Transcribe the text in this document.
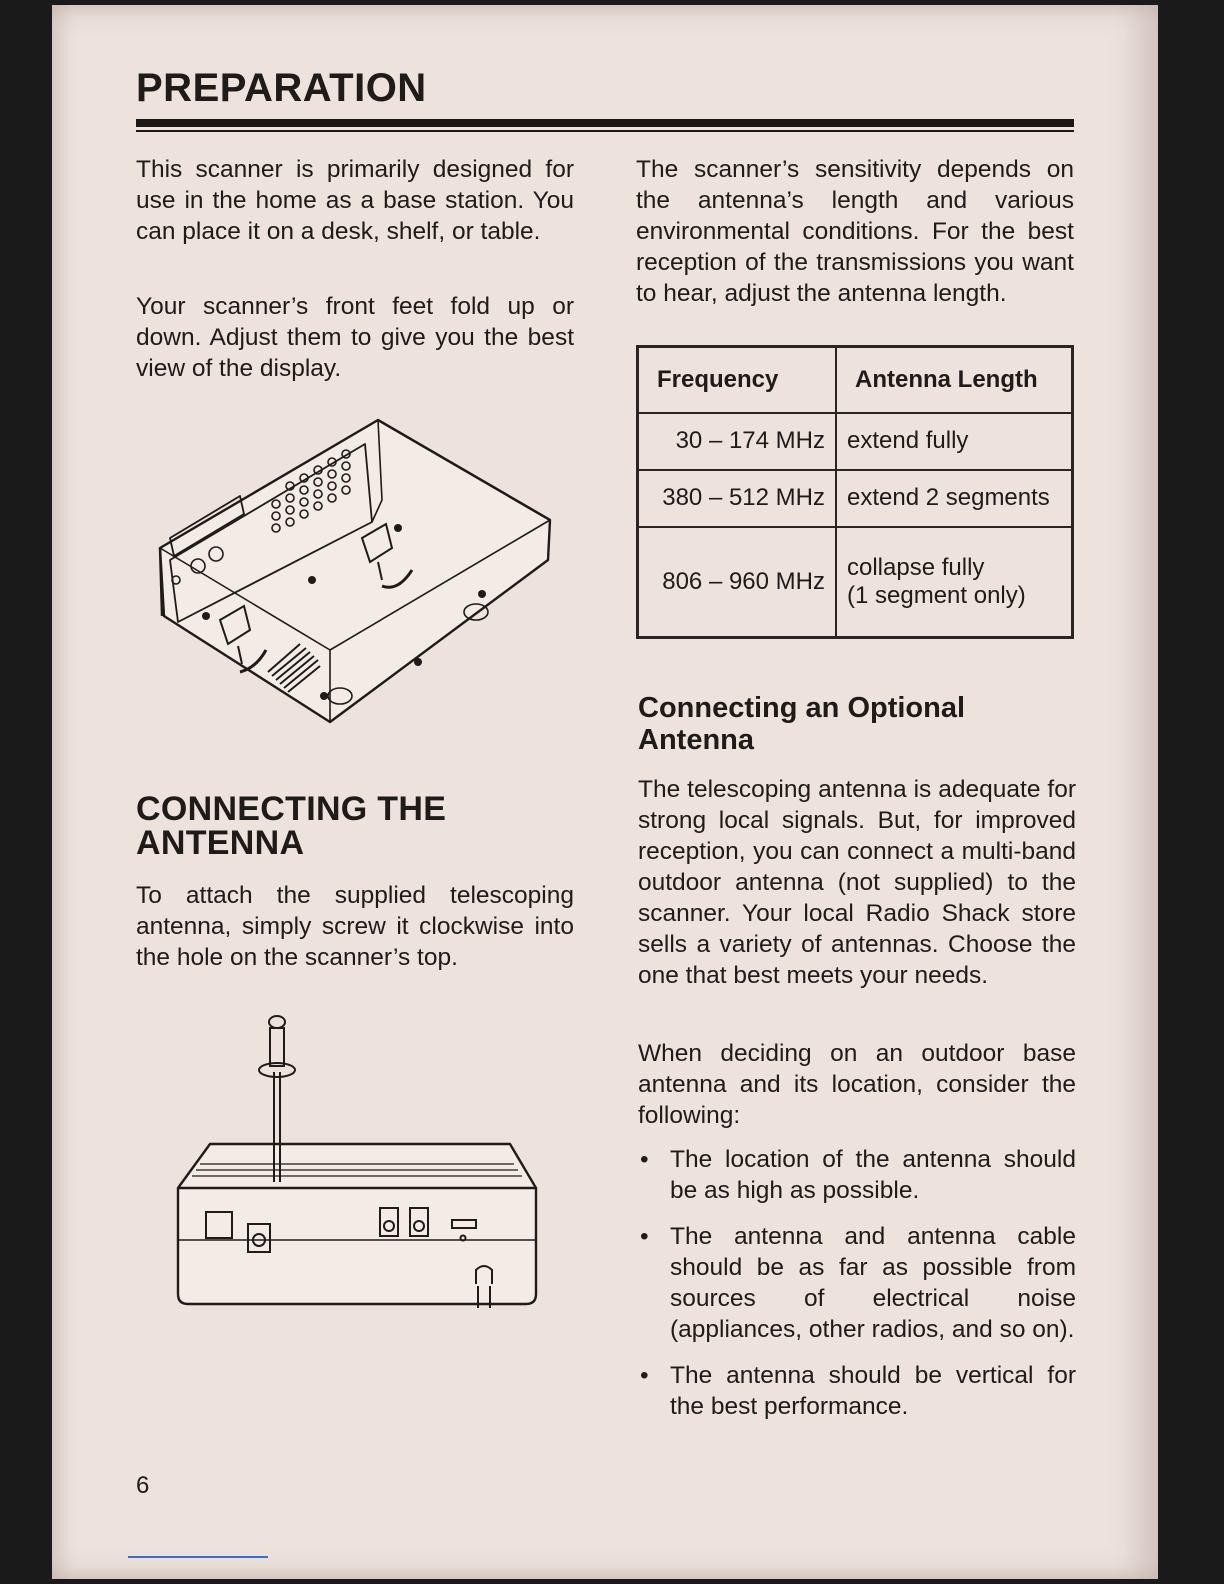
PREPARATION

This scanner is primarily designed for use in the home as a base station. You can place it on a desk, shelf, or table.

Your scanner’s front feet fold up or down. Adjust them to give you the best view of the display.

CONNECTING THE
ANTENNA

To attach the supplied telescoping antenna, simply screw it clockwise into the hole on the scanner’s top.

6

The scanner’s sensitivity depends on the antenna’s length and various environmental conditions. For the best reception of the transmissions you want to hear, adjust the antenna length.

Frequency	Antenna Length
30 – 174 MHz	extend fully
380 – 512 MHz	extend 2 segments
806 – 960 MHz	collapse fully
(1 segment only)
Connecting an Optional
Antenna

The telescoping antenna is adequate for strong local signals. But, for improved reception, you can connect a multi-band outdoor antenna (not supplied) to the scanner. Your local Radio Shack store sells a variety of antennas. Choose the one that best meets your needs.

When deciding on an outdoor base antenna and its location, consider the following:

• The location of the antenna should be as high as possible.
• The antenna and antenna cable should be as far as possible from sources of electrical noise (appliances, other radios, and so on).
• The antenna should be vertical for the best performance.
